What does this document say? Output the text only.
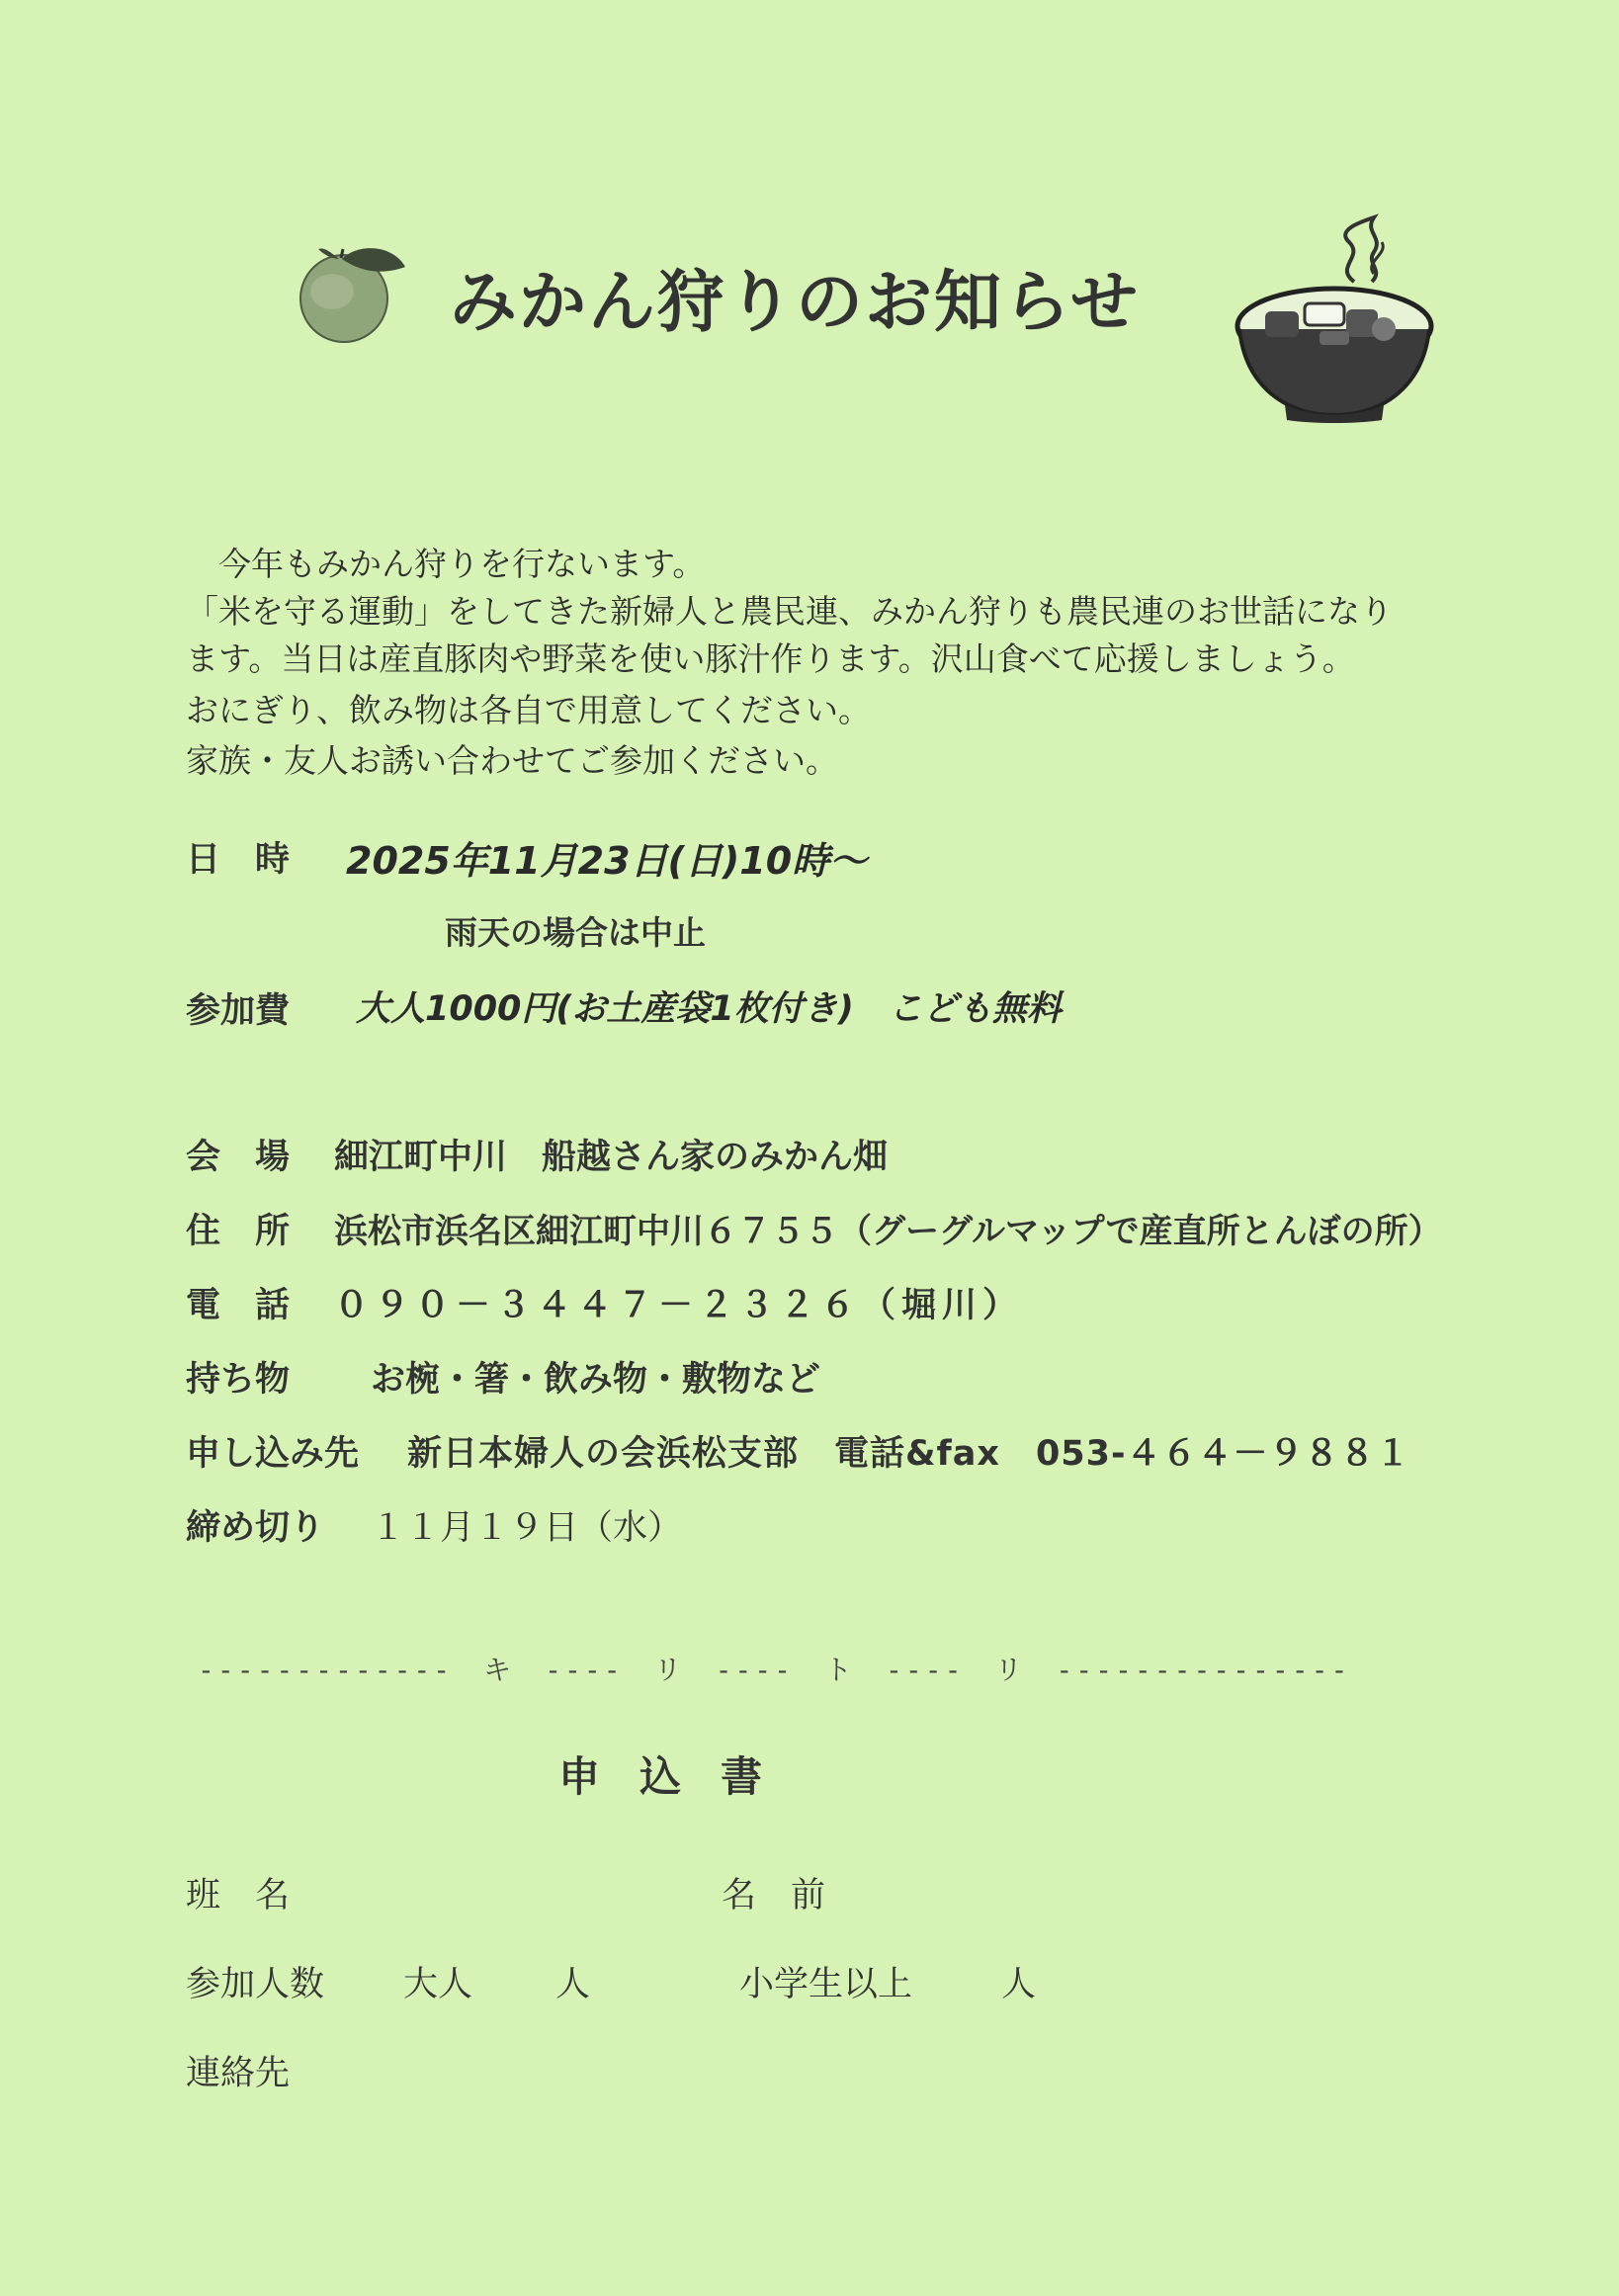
みかん狩りのお知らせ
　今年もみかん狩りを行ないます。
「米を守る運動」をしてきた新婦人と農民連、みかん狩りも農民連のお世話になり
ます。当日は産直豚肉や野菜を使い豚汁作ります。沢山食べて応援しましょう。
おにぎり、飲み物は各自で用意してください。
家族・友人お誘い合わせてご参加ください。
日　時 2025年11月23日(日)10時～
雨天の場合は中止
参加費 大人1000円(お土産袋1枚付き)　こども無料
会　場 細江町中川　船越さん家のみかん畑
住　所 浜松市浜名区細江町中川６７５５（グーグルマップで産直所とんぼの所）
電　話 ０９０－３４４７－２３２６（堀川）
持ち物 お椀・箸・飲み物・敷物など
申し込み先 新日本婦人の会浜松支部　電話&fax　053-４６４－９８８１
締め切り １１月１９日（水）
-------------　キ　----　リ　----　ト　----　リ　---------------
申込書
班　名	名　前
参加人数 大人 人	小学生以上	人
連絡先
